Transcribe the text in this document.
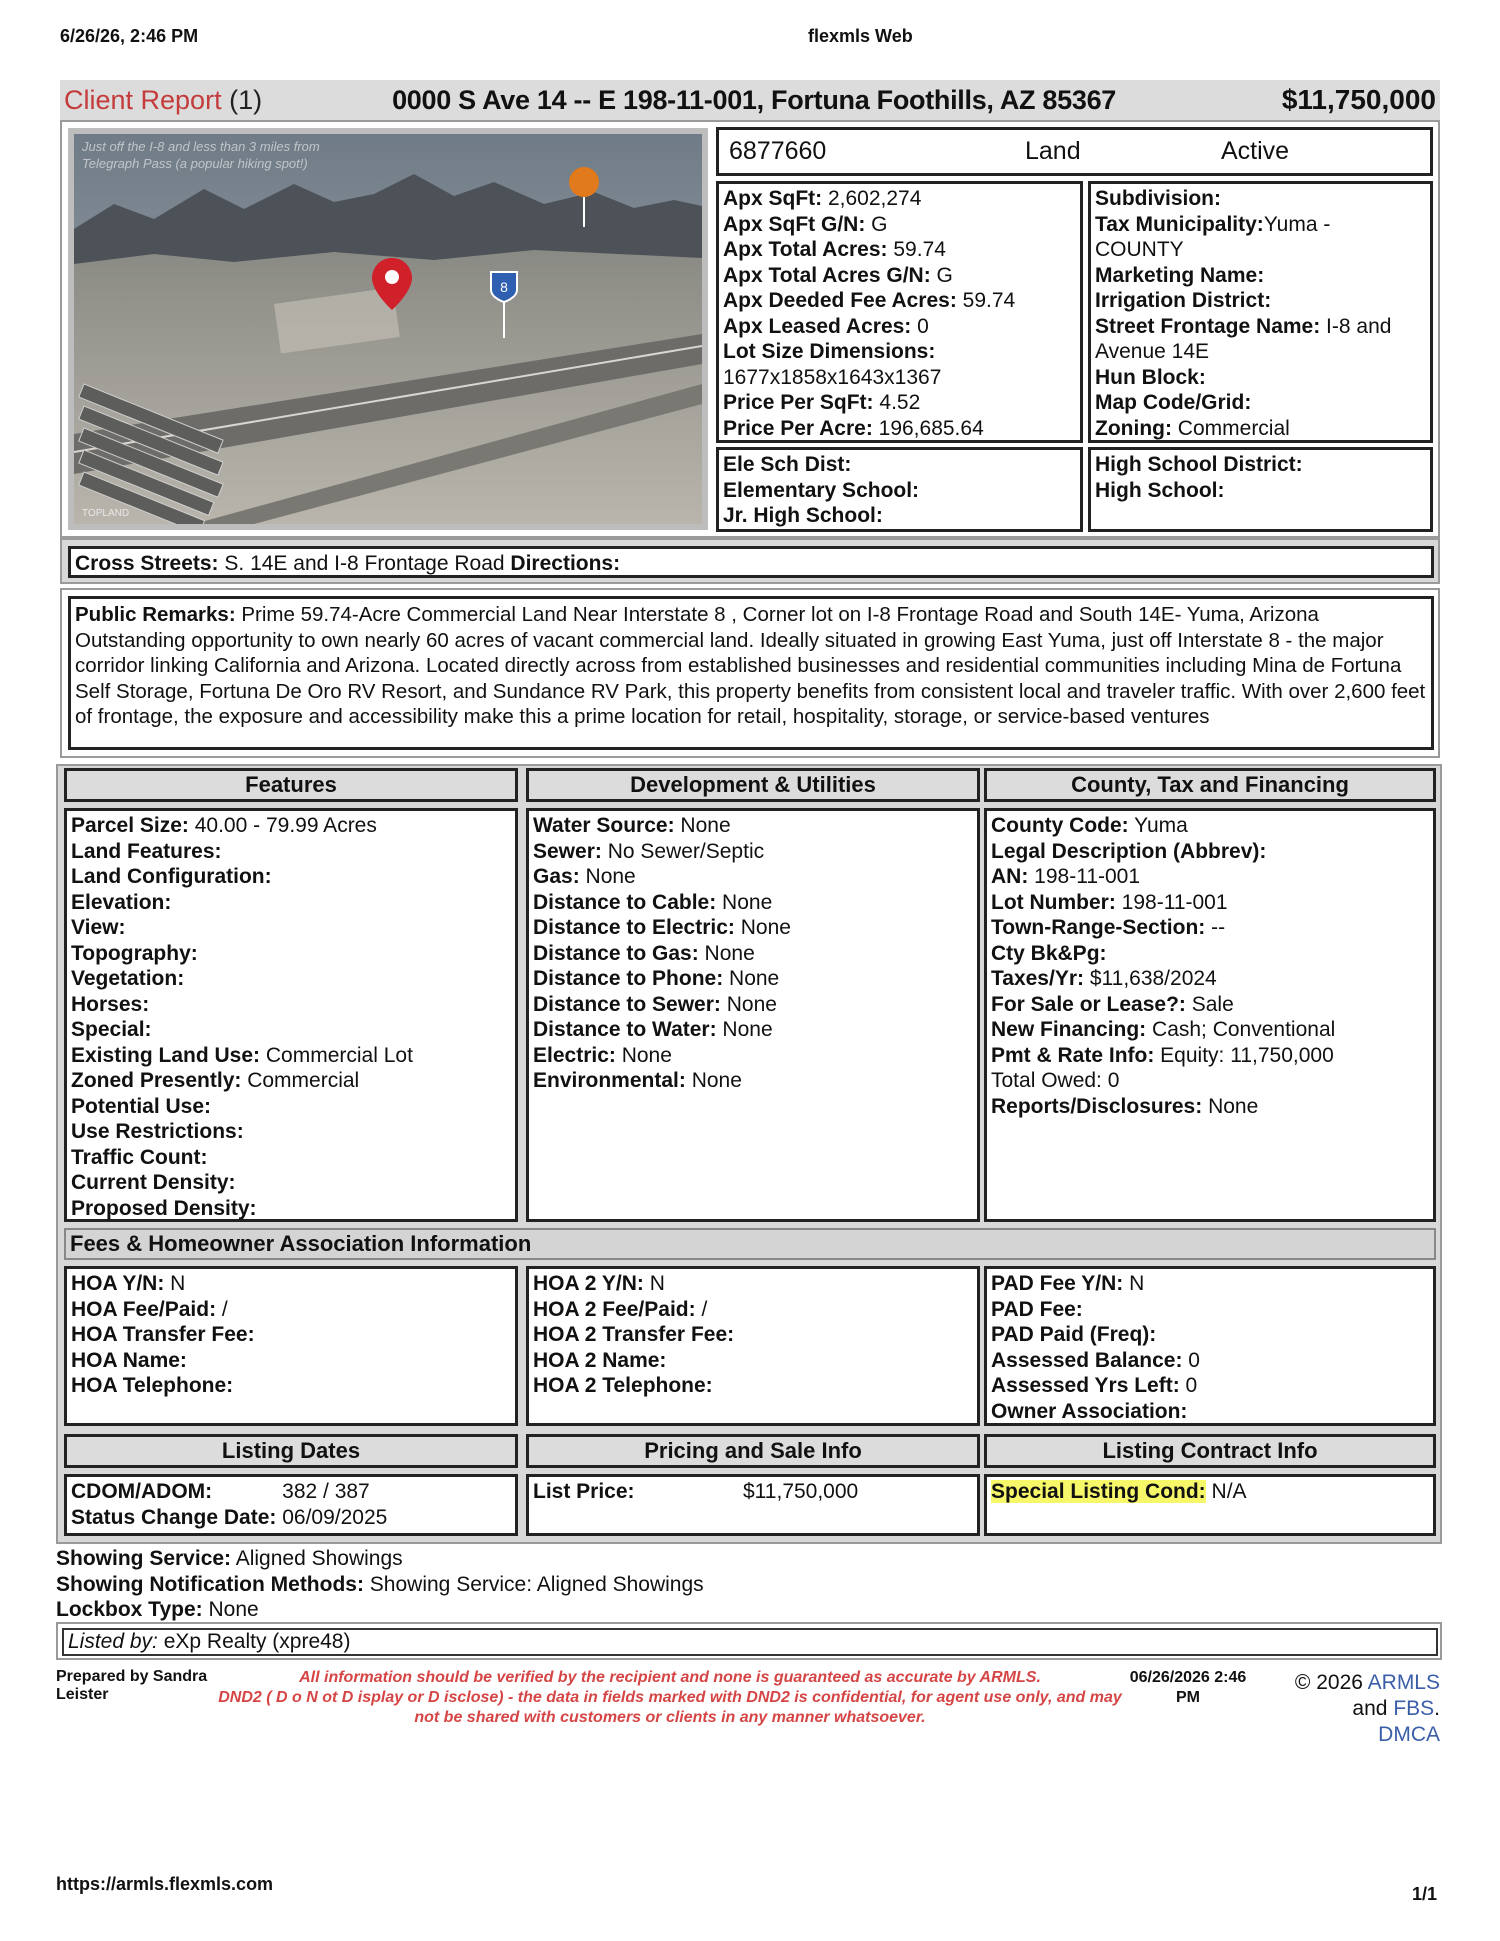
6/26/26, 2:46 PM	flexmls Web
Client Report (1)	0000 S Ave 14 -- E 198-11-001, Fortuna Foothills, AZ 85367	$11,750,000
8
TOPLAND
Just off the I-8 and less than 3 miles from Telegraph Pass (a popular hiking spot!)	6877660	Land	Active
Apx SqFt: 2,602,274
Apx SqFt G/N: G
Apx Total Acres: 59.74
Apx Total Acres G/N: G
Apx Deeded Fee Acres: 59.74
Apx Leased Acres: 0
Lot Size Dimensions:
1677x1858x1643x1367
Price Per SqFt: 4.52
Price Per Acre: 196,685.64
Subdivision:
Tax Municipality:Yuma -
COUNTY
Marketing Name:
Irrigation District:
Street Frontage Name: I-8 and
Avenue 14E
Hun Block:
Map Code/Grid:
Zoning: Commercial
Ele Sch Dist:
Elementary School:
Jr. High School:
High School District:
High School:
Cross Streets: S. 14E and I-8 Frontage Road Directions:
Public Remarks: Prime 59.74-Acre Commercial Land Near Interstate 8 , Corner lot on I-8 Frontage Road and South 14E- Yuma, Arizona Outstanding opportunity to own nearly 60 acres of vacant commercial land. Ideally situated in growing East Yuma, just off Interstate 8 - the major corridor linking California and Arizona. Located directly across from established businesses and residential communities including Mina de Fortuna Self Storage, Fortuna De Oro RV Resort, and Sundance RV Park, this property benefits from consistent local and traveler traffic. With over 2,600 feet of frontage, the exposure and accessibility make this a prime location for retail, hospitality, storage, or service-based ventures
Features	Development & Utilities	County, Tax and Financing
Parcel Size: 40.00 - 79.99 Acres
Land Features:
Land Configuration:
Elevation:
View:
Topography:
Vegetation:
Horses:
Special:
Existing Land Use: Commercial Lot
Zoned Presently: Commercial
Potential Use:
Use Restrictions:
Traffic Count:
Current Density:
Proposed Density:
Water Source: None
Sewer: No Sewer/Septic
Gas: None
Distance to Cable: None
Distance to Electric: None
Distance to Gas: None
Distance to Phone: None
Distance to Sewer: None
Distance to Water: None
Electric: None
Environmental: None
County Code: Yuma
Legal Description (Abbrev):
AN: 198-11-001
Lot Number: 198-11-001
Town-Range-Section: --
Cty Bk&Pg:
Taxes/Yr: $11,638/2024
For Sale or Lease?: Sale
New Financing: Cash; Conventional
Pmt & Rate Info: Equity: 11,750,000
Total Owed: 0
Reports/Disclosures: None
Fees & Homeowner Association Information
HOA Y/N: N
HOA Fee/Paid: /
HOA Transfer Fee:
HOA Name:
HOA Telephone:
HOA 2 Y/N: N
HOA 2 Fee/Paid: /
HOA 2 Transfer Fee:
HOA 2 Name:
HOA 2 Telephone:
PAD Fee Y/N: N
PAD Fee:
PAD Paid (Freq):
Assessed Balance: 0
Assessed Yrs Left: 0
Owner Association:
Listing Dates	Pricing and Sale Info	Listing Contract Info
CDOM/ADOM:	382 / 387
Status Change Date: 06/09/2025
List Price:	$11,750,000	Special Listing Cond: N/A
Showing Service: Aligned Showings
Showing Notification Methods: Showing Service: Aligned Showings
Lockbox Type: None
Listed by: eXp Realty (xpre48)
Prepared by Sandra
Leister
All information should be verified by the recipient and none is guaranteed as accurate by ARMLS.
DND2 ( D o N ot D isplay or D isclose) - the data in fields marked with DND2 is confidential, for agent use only, and may
not be shared with customers or clients in any manner whatsoever.
06/26/2026 2:46
PM
© 2026 ARMLS
and FBS.
DMCA
https://armls.flexmls.com	1/1
